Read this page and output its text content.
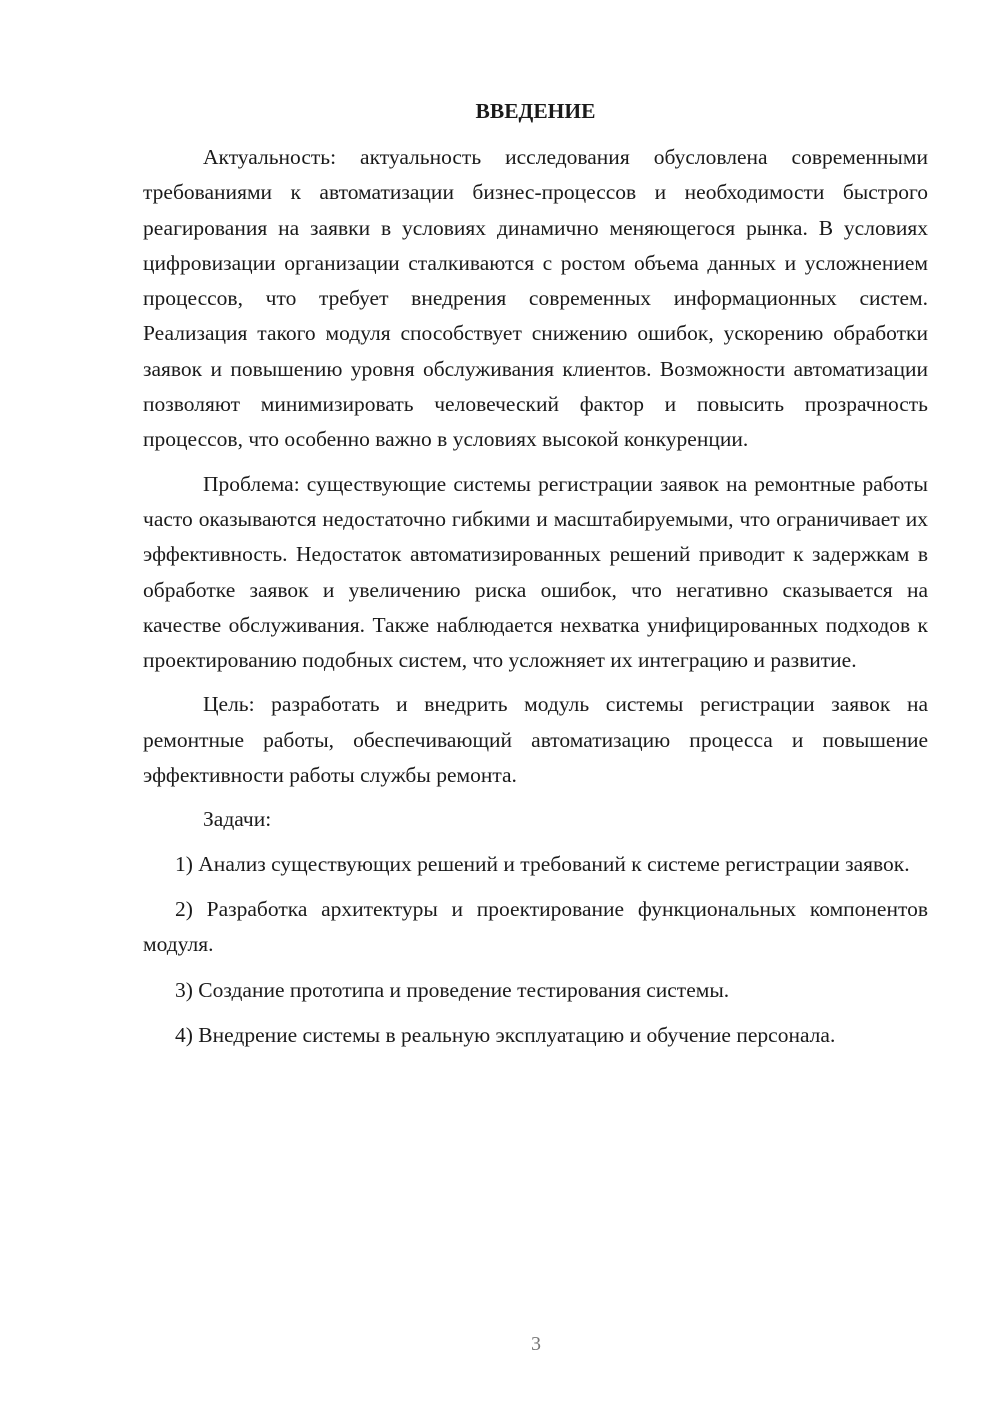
ВВЕДЕНИЕ

Актуальность: актуальность исследования обусловлена современными требованиями к автоматизации бизнес-процессов и необходимости быстрого реагирования на заявки в условиях динамично меняющегося рынка. В условиях цифровизации организации сталкиваются с ростом объема данных и усложнением процессов, что требует внедрения современных информационных систем. Реализация такого модуля способствует снижению ошибок, ускорению обработки заявок и повышению уровня обслуживания клиентов. Возможности автоматизации позволяют минимизировать человеческий фактор и повысить прозрачность процессов, что особенно важно в условиях высокой конкуренции.

Проблема: существующие системы регистрации заявок на ремонтные работы часто оказываются недостаточно гибкими и масштабируемыми, что ограничивает их эффективность. Недостаток автоматизированных решений приводит к задержкам в обработке заявок и увеличению риска ошибок, что негативно сказывается на качестве обслуживания. Также наблюдается нехватка унифицированных подходов к проектированию подобных систем, что усложняет их интеграцию и развитие.

Цель: разработать и внедрить модуль системы регистрации заявок на ремонтные работы, обеспечивающий автоматизацию процесса и повышение эффективности работы службы ремонта.

Задачи:

1) Анализ существующих решений и требований к системе регистрации заявок.

2) Разработка архитектуры и проектирование функциональных компонентов модуля.

3) Создание прототипа и проведение тестирования системы.

4) Внедрение системы в реальную эксплуатацию и обучение персонала.

3
